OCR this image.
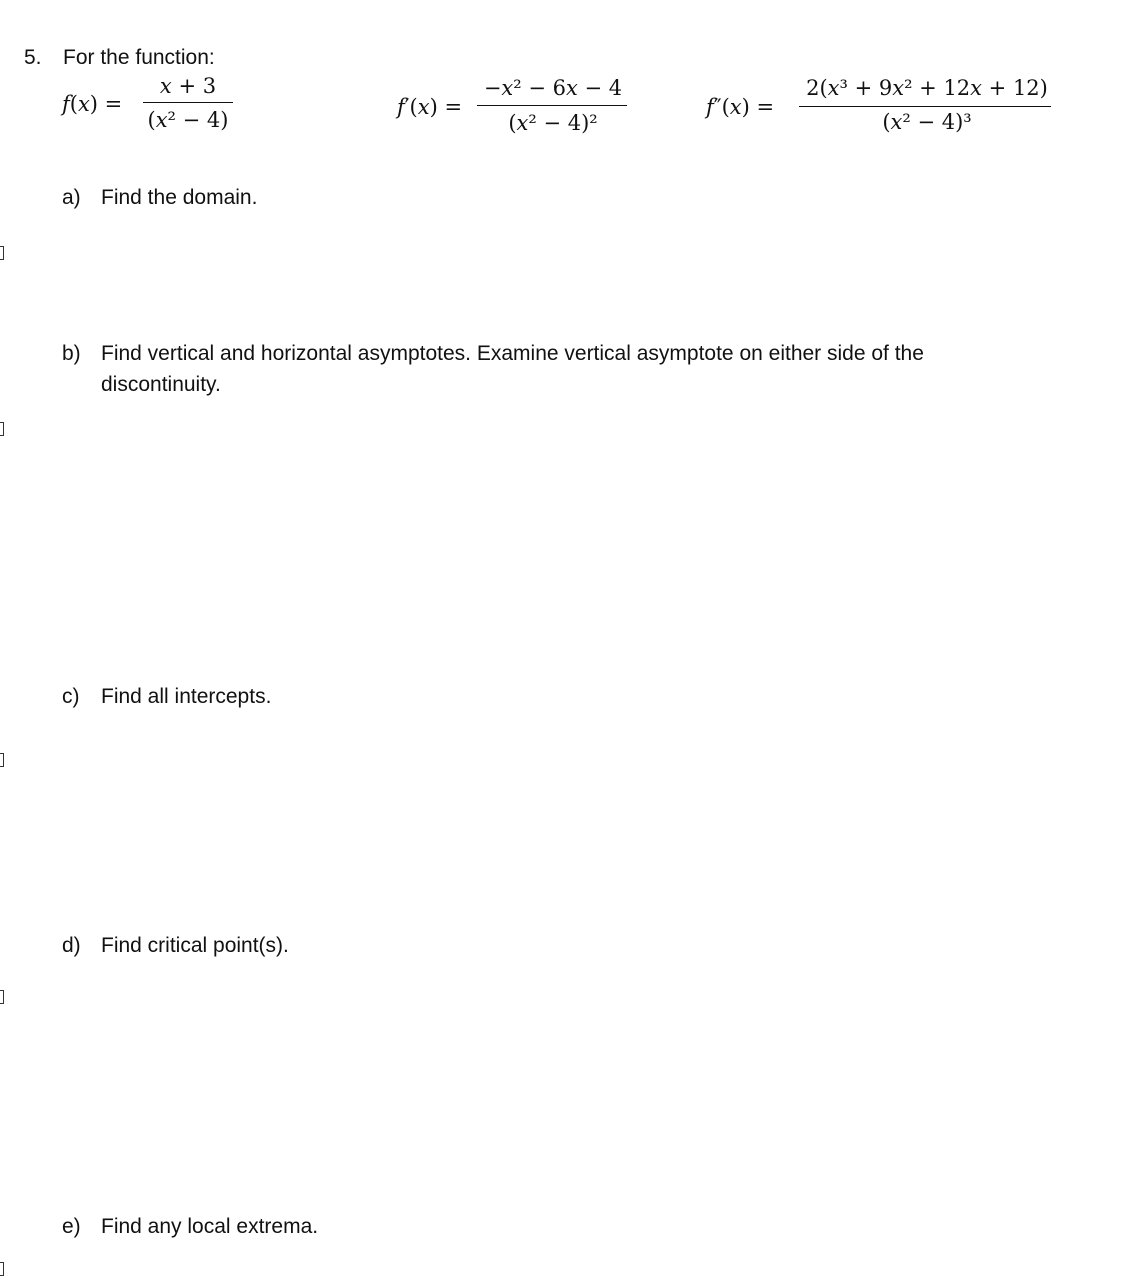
5. For the function:
𝑓(𝑥) =
𝑥 + 3
(𝑥² − 4)
𝑓′(𝑥) =
−𝑥² − 6𝑥 − 4
(𝑥² − 4)²
𝑓″(𝑥) =
2(𝑥³ + 9𝑥² + 12𝑥 + 12)
(𝑥² − 4)³
a) Find the domain.
b) Find vertical and horizontal asymptotes. Examine vertical asymptote on either side of the
discontinuity.
c) Find all intercepts.
d) Find critical point(s).
e) Find any local extrema.
